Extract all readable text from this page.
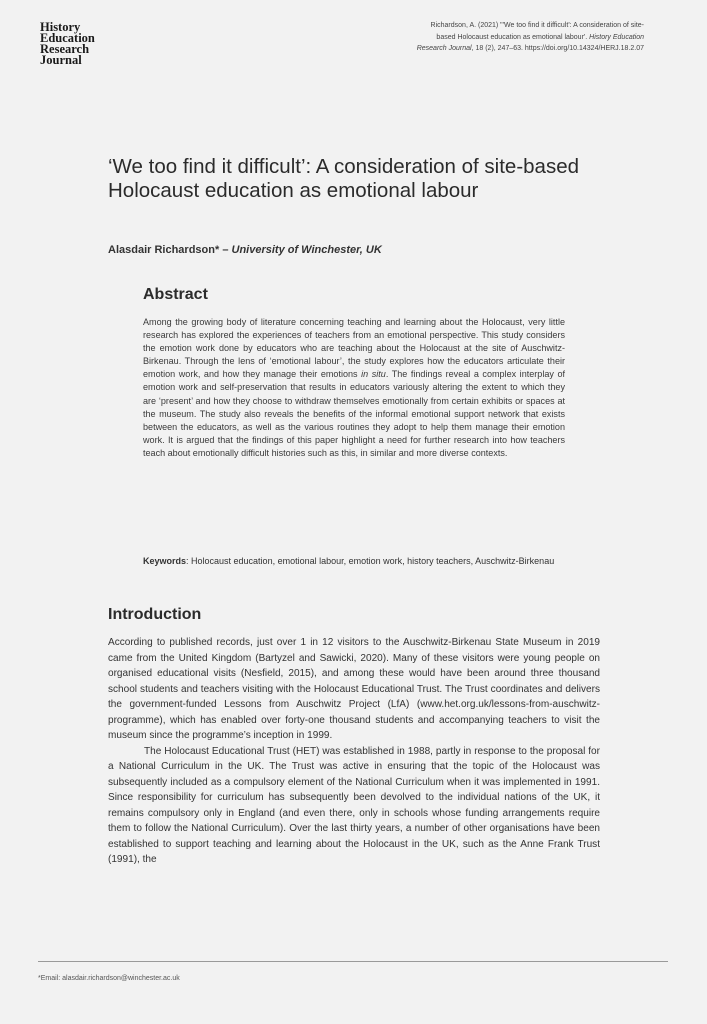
History
Education
Research
Journal
Richardson, A. (2021) "'We too find it difficult': A consideration of site-
based Holocaust education as emotional labour'. History Education
Research Journal, 18 (2), 247–63. https://doi.org/10.14324/HERJ.18.2.07
‘We too find it difficult’: A consideration of site-based Holocaust education as emotional labour
Alasdair Richardson* – University of Winchester, UK
Abstract

Among the growing body of literature concerning teaching and learning about the Holocaust, very little research has explored the experiences of teachers from an emotional perspective. This study considers the emotion work done by educators who are teaching about the Holocaust at the site of Auschwitz-Birkenau. Through the lens of ‘emotional labour’, the study explores how the educators articulate their emotion work, and how they manage their emotions in situ. The findings reveal a complex interplay of emotion work and self-preservation that results in educators variously altering the extent to which they are ‘present’ and how they choose to withdraw themselves emotionally from certain exhibits or spaces at the museum. The study also reveals the benefits of the informal emotional support network that exists between the educators, as well as the various routines they adopt to help them manage their emotion work. It is argued that the findings of this paper highlight a need for further research into how teachers teach about emotionally difficult histories such as this, in similar and more diverse contexts.

Keywords: Holocaust education, emotional labour, emotion work, history teachers, Auschwitz-Birkenau
Introduction

According to published records, just over 1 in 12 visitors to the Auschwitz-Birkenau State Museum in 2019 came from the United Kingdom (Bartyzel and Sawicki, 2020). Many of these visitors were young people on organised educational visits (Nesfield, 2015), and among these would have been around three thousand school students and teachers visiting with the Holocaust Educational Trust. The Trust coordinates and delivers the government-funded Lessons from Auschwitz Project (LfA) (www.het.org.uk/lessons-from-auschwitz-programme), which has enabled over forty-one thousand students and accompanying teachers to visit the museum since the programme’s inception in 1999.

The Holocaust Educational Trust (HET) was established in 1988, partly in response to the proposal for a National Curriculum in the UK. The Trust was active in ensuring that the topic of the Holocaust was subsequently included as a compulsory element of the National Curriculum when it was implemented in 1991. Since responsibility for curriculum has subsequently been devolved to the individual nations of the UK, it remains compulsory only in England (and even there, only in schools whose funding arrangements require them to follow the National Curriculum). Over the last thirty years, a number of other organisations have been established to support teaching and learning about the Holocaust in the UK, such as the Anne Frank Trust (1991), the

*Email: alasdair.richardson@winchester.ac.uk
